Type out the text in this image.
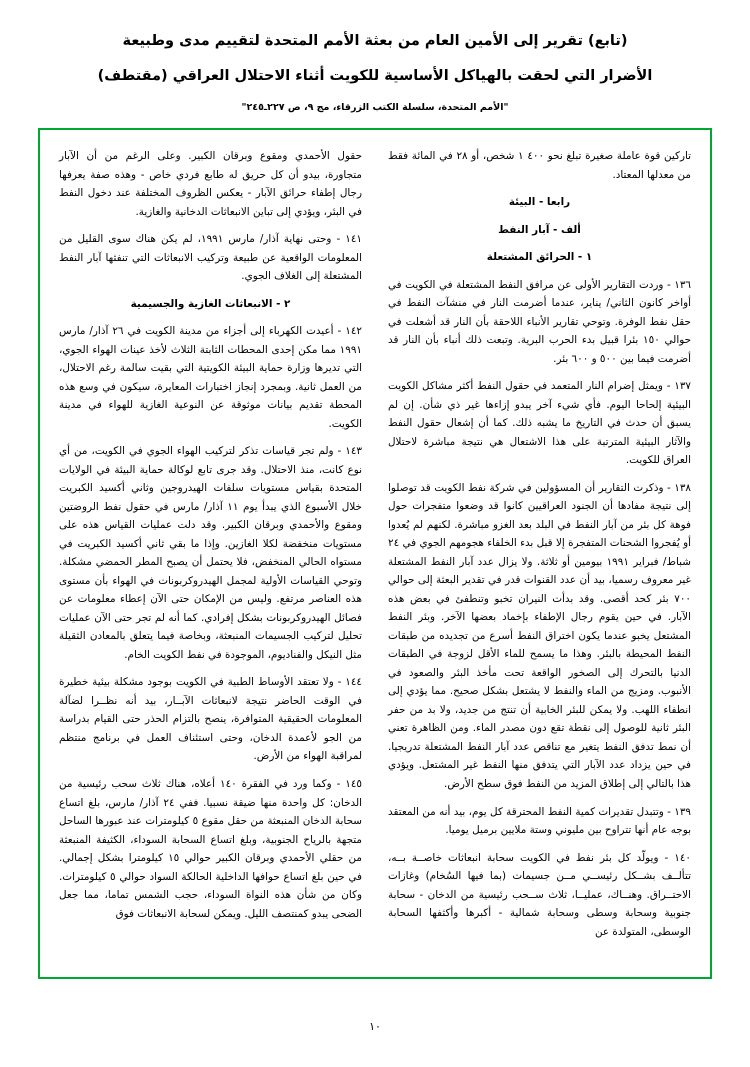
(تابع) تقرير إلى الأمين العام من بعثة الأمم المتحدة لتقييم مدى وطبيعة
الأضرار التي لحقت بالهياكل الأساسية للكويت أثناء الاحتلال العراقي (مقتطف)

"الأمم المتحدة، سلسلة الكتب الزرقاء، مج ٩، ص ٢٢٧ـ٢٤٥"

تاركين قوة عاملة صغيرة تبلغ نحو ٤٠٠ ١ شخص، أو ٢٨ في المائة فقط من معدلها المعتاد.

رابعا - البيئة

ألف - آبار النفط

١ - الحرائق المشتعلة

١٣٦ - وردت التقارير الأولى عن مرافق النفط المشتعلة في الكويت في أواخر كانون الثاني/ يناير، عندما أضرمت النار في منشآت النفط في حقل نفط الوفرة. وتوحي تقارير الأنباء اللاحقة بأن النار قد أشعلت في حوالي ١٥٠ بئرا قبيل بدء الحرب البرية. وتبعت ذلك أنباء بأن النار قد أضرمت فيما بين ٥٠٠ و ٦٠٠ بئر.

١٣٧ - ويمثل إضرام النار المتعمد في حقول النفط أكثر مشاكل الكويت البيئية إلحاحا اليوم. فأي شيء آخر يبدو إزاءها غير ذي شأن. إن لم يسبق أن حدث في التاريخ ما يشبه ذلك. كما أن إشعال حقول النفط والآثار البيئية المترتبة على هذا الاشتعال هي نتيجة مباشرة لاحتلال العراق للكويت.

١٣٨ - وذكرت التقارير أن المسؤولين في شركة نفط الكويت قد توصلوا إلى نتيجة مفادها أن الجنود العراقيين كانوا قد وضعوا متفجرات حول فوهة كل بئر من آبار النفط في البلد بعد الغزو مباشرة. لكنهم لم يُعدوا أو يُفجروا الشحنات المتفجرة إلا قبل بدء الخلفاء هجومهم الجوي في ٢٤ شباط/ فبراير ١٩٩١ بيومين أو ثلاثة. ولا يزال عدد آبار النفط المشتعلة غير معروف رسميا، بيد أن عدد القنوات قدر في تقدير البعثة إلى حوالي ٧٠٠ بئر كحد أقصى. وقد بدأت النيران تخبو وتنطفئ في بعض هذه الآبار. في حين يقوم رجال الإطفاء بإخماد بعضها الآخر. وبئر النفط المشتعل يخبو عندما يكون اختراق النفط أسرع من تجديده من طبقات النفط المحيطة بالبئر. وهذا ما يسمح للماء الأقل لزوجة في الطبقات الدنيا بالتحرك إلى الصخور الواقعة تحت مأخذ البئر والصعود في الأنبوب. ومزيج من الماء والنفط لا يشتعل بشكل صحيح. مما يؤدي إلى انطفاء اللهب. ولا يمكن للبئر الخابية أن تنتج من جديد، ولا بد من حفر البئر ثانية للوصول إلى نقطة تقع دون مصدر الماء. ومن الظاهرة تعني أن نمط تدفق النفط يتغير مع تناقص عدد آبار النفط المشتعلة تدريجيا. في حين يزداد عدد الآبار التي يتدفق منها النفط غير المشتعل. ويؤدي هذا بالتالي إلى إطلاق المزيد من النفط فوق سطح الأرض.

١٣٩ - وتتبدل تقديرات كمية النفط المحترقة كل يوم، بيد أنه من المعتقد بوجه عام أنها تتراوح بين مليوني وستة ملايين برميل يوميا.

١٤٠ - ويولّد كل بئر نفط في الكويت سحابة انبعاثات خاصــة بــه، تتألــف بشــكل رئيســي مــن جسيمات (بما فيها السُخام) وغازات الاحتــراق. وهنــاك، عمليــا، ثلاث ســحب رئيسية من الدخان - سحابة جنوبية وسحابة وسطى وسحابة شمالية - أكبرها وأكثفها السحابة الوسطى، المتولدة عن

حقول الأحمدي ومقوع وبرقان الكبير. وعلى الرغم من أن الآبار متجاورة، بيدو أن كل حريق له طابع فردي خاص - وهذه صفة يعرفها رجال إطفاء حرائق الآبار - يعكس الظروف المختلفة عند دخول النفط في البئر، ويؤدي إلى تباين الانبعاثات الدخانية والغازية.

١٤١ - وحتى نهاية آذار/ مارس ١٩٩١، لم يكن هناك سوى القليل من المعلومات الواقعية عن طبيعة وتركيب الانبعاثات التي تنفثها آبار النفط المشتعلة إلى الغلاف الجوي.

٢ - الانبعاثات الغازية والجسيمية

١٤٢ - أعيدت الكهرباء إلى أجزاء من مدينة الكويت في ٢٦ آذار/ مارس ١٩٩١ مما مكن إحدى المحطات الثابتة الثلاث لأخذ عينات الهواء الجوي، التي تديرها وزارة حماية البيئة الكويتية التي بقيت سالمة رغم الاحتلال، من العمل ثانية. وبمجرد إنجاز اختبارات المعايرة، سيكون في وسع هذه المحطة تقديم بيانات موثوقة عن النوعية الغازية للهواء في مدينة الكويت.

١٤٣ - ولم تجر قياسات تذكر لتركيب الهواء الجوي في الكويت، من أي نوع كانت، منذ الاحتلال. وقد جرى تابع لوكالة حماية البيئة في الولايات المتحدة بقياس مستويات سلفات الهيدروجين وثاني أكسيد الكبريت خلال الأسبوع الذي يبدأ يوم ١١ آذار/ مارس في حقول نفط الروضتين ومقوع والأحمدي وبرقان الكبير. وقد دلت عمليات القياس هذه على مستويات منخفضة لكلا الغازين. وإذا ما بقي ثاني أكسيد الكبريت في مستواه الحالي المنخفض، فلا يحتمل أن يصبح المطر الحمضي مشكلة. وتوحي القياسات الأولية لمجمل الهيدروكربونات في الهواء بأن مستوى هذه العناصر مرتفع. وليس من الإمكان حتى الآن إعطاء معلومات عن فصائل الهيدروكربونات بشكل إفرادي. كما أنه لم تجر حتى الآن عمليات تحليل لتركيب الجسيمات المنبعثة، وبخاصة فيما يتعلق بالمعادن الثقيلة مثل النيكل والفناديوم، الموجودة في نفط الكويت الخام.

١٤٤ - ولا تعتقد الأوساط الطبية في الكويت بوجود مشكلة بيئية خطيرة في الوقت الحاضر نتيجة لانبعاثات الآبــار، بيد أنه نظــرا لضآلة المعلومات الحقيقية المتوافرة، ينصح بالتزام الحذر حتى القيام بدراسة من الجو لأعمدة الدخان، وحتى استئناف العمل في برنامج منتظم لمراقبة الهواء من الأرض.

١٤٥ - وكما ورد في الفقرة ١٤٠ أعلاه، هناك ثلاث سحب رئيسية من الدخان: كل واحدة منها ضيقة نسبيا. ففي ٢٤ آذار/ مارس، بلغ اتساع سحابة الدخان المنبعثة من حقل مقوع ٥ كيلومترات عند عبورها الساحل متجهة بالرياح الجنوبية، وبلغ اتساع السحابة السوداء، الكثيفة المنبعثة من حقلي الأحمدي وبرقان الكبير حوالي ١٥ كيلومترا بشكل إجمالي. في حين بلغ اتساع حوافها الداخلية الحالكة السواد حوالي ٥ كيلومترات. وكان من شأن هذه النواة السوداء، حجب الشمس تماما، مما جعل الضحى يبدو كمنتصف الليل. ويمكن لسحابة الانبعاثات فوق

١٠
